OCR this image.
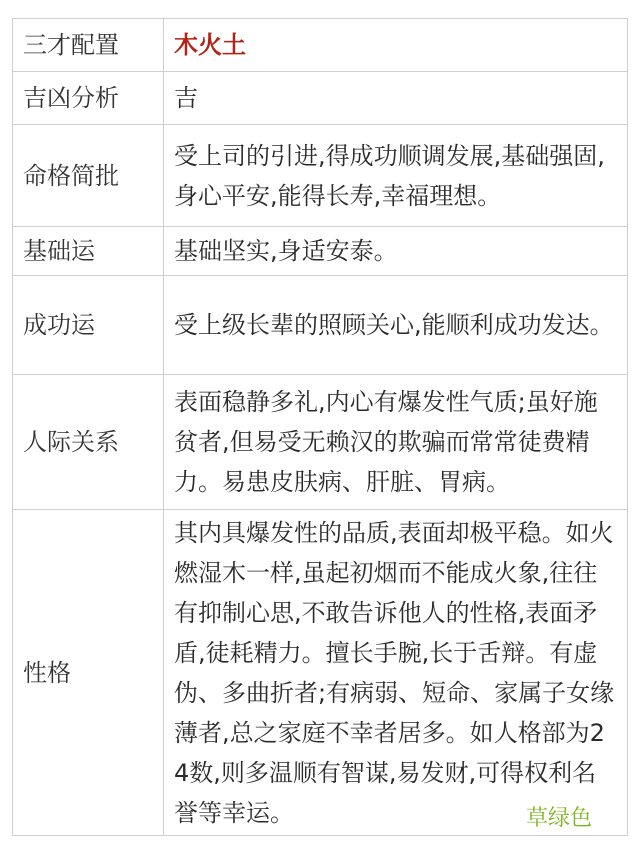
三才配置	木火土
吉凶分析	吉
命格简批	受上司的引进,得成功顺调发展,基础强固,身心平安,能得长寿,幸福理想。
基础运	基础坚实,身适安泰。
成功运	受上级长辈的照顾关心,能顺利成功发达。
人际关系	表面稳静多礼,内心有爆发性气质;虽好施贫者,但易受无赖汉的欺骗而常常徒费精力。易患皮肤病、肝脏、胃病。
性格	其内具爆发性的品质,表面却极平稳。如火燃湿木一样,虽起初烟而不能成火象,往往有抑制心思,不敢告诉他人的性格,表面矛盾,徒耗精力。擅长手腕,长于舌辩。有虚伪、多曲折者;有病弱、短命、家属子女缘薄者,总之家庭不幸者居多。如人格部为24数,则多温顺有智谋,易发财,可得权利名誉等幸运。	草绿色
